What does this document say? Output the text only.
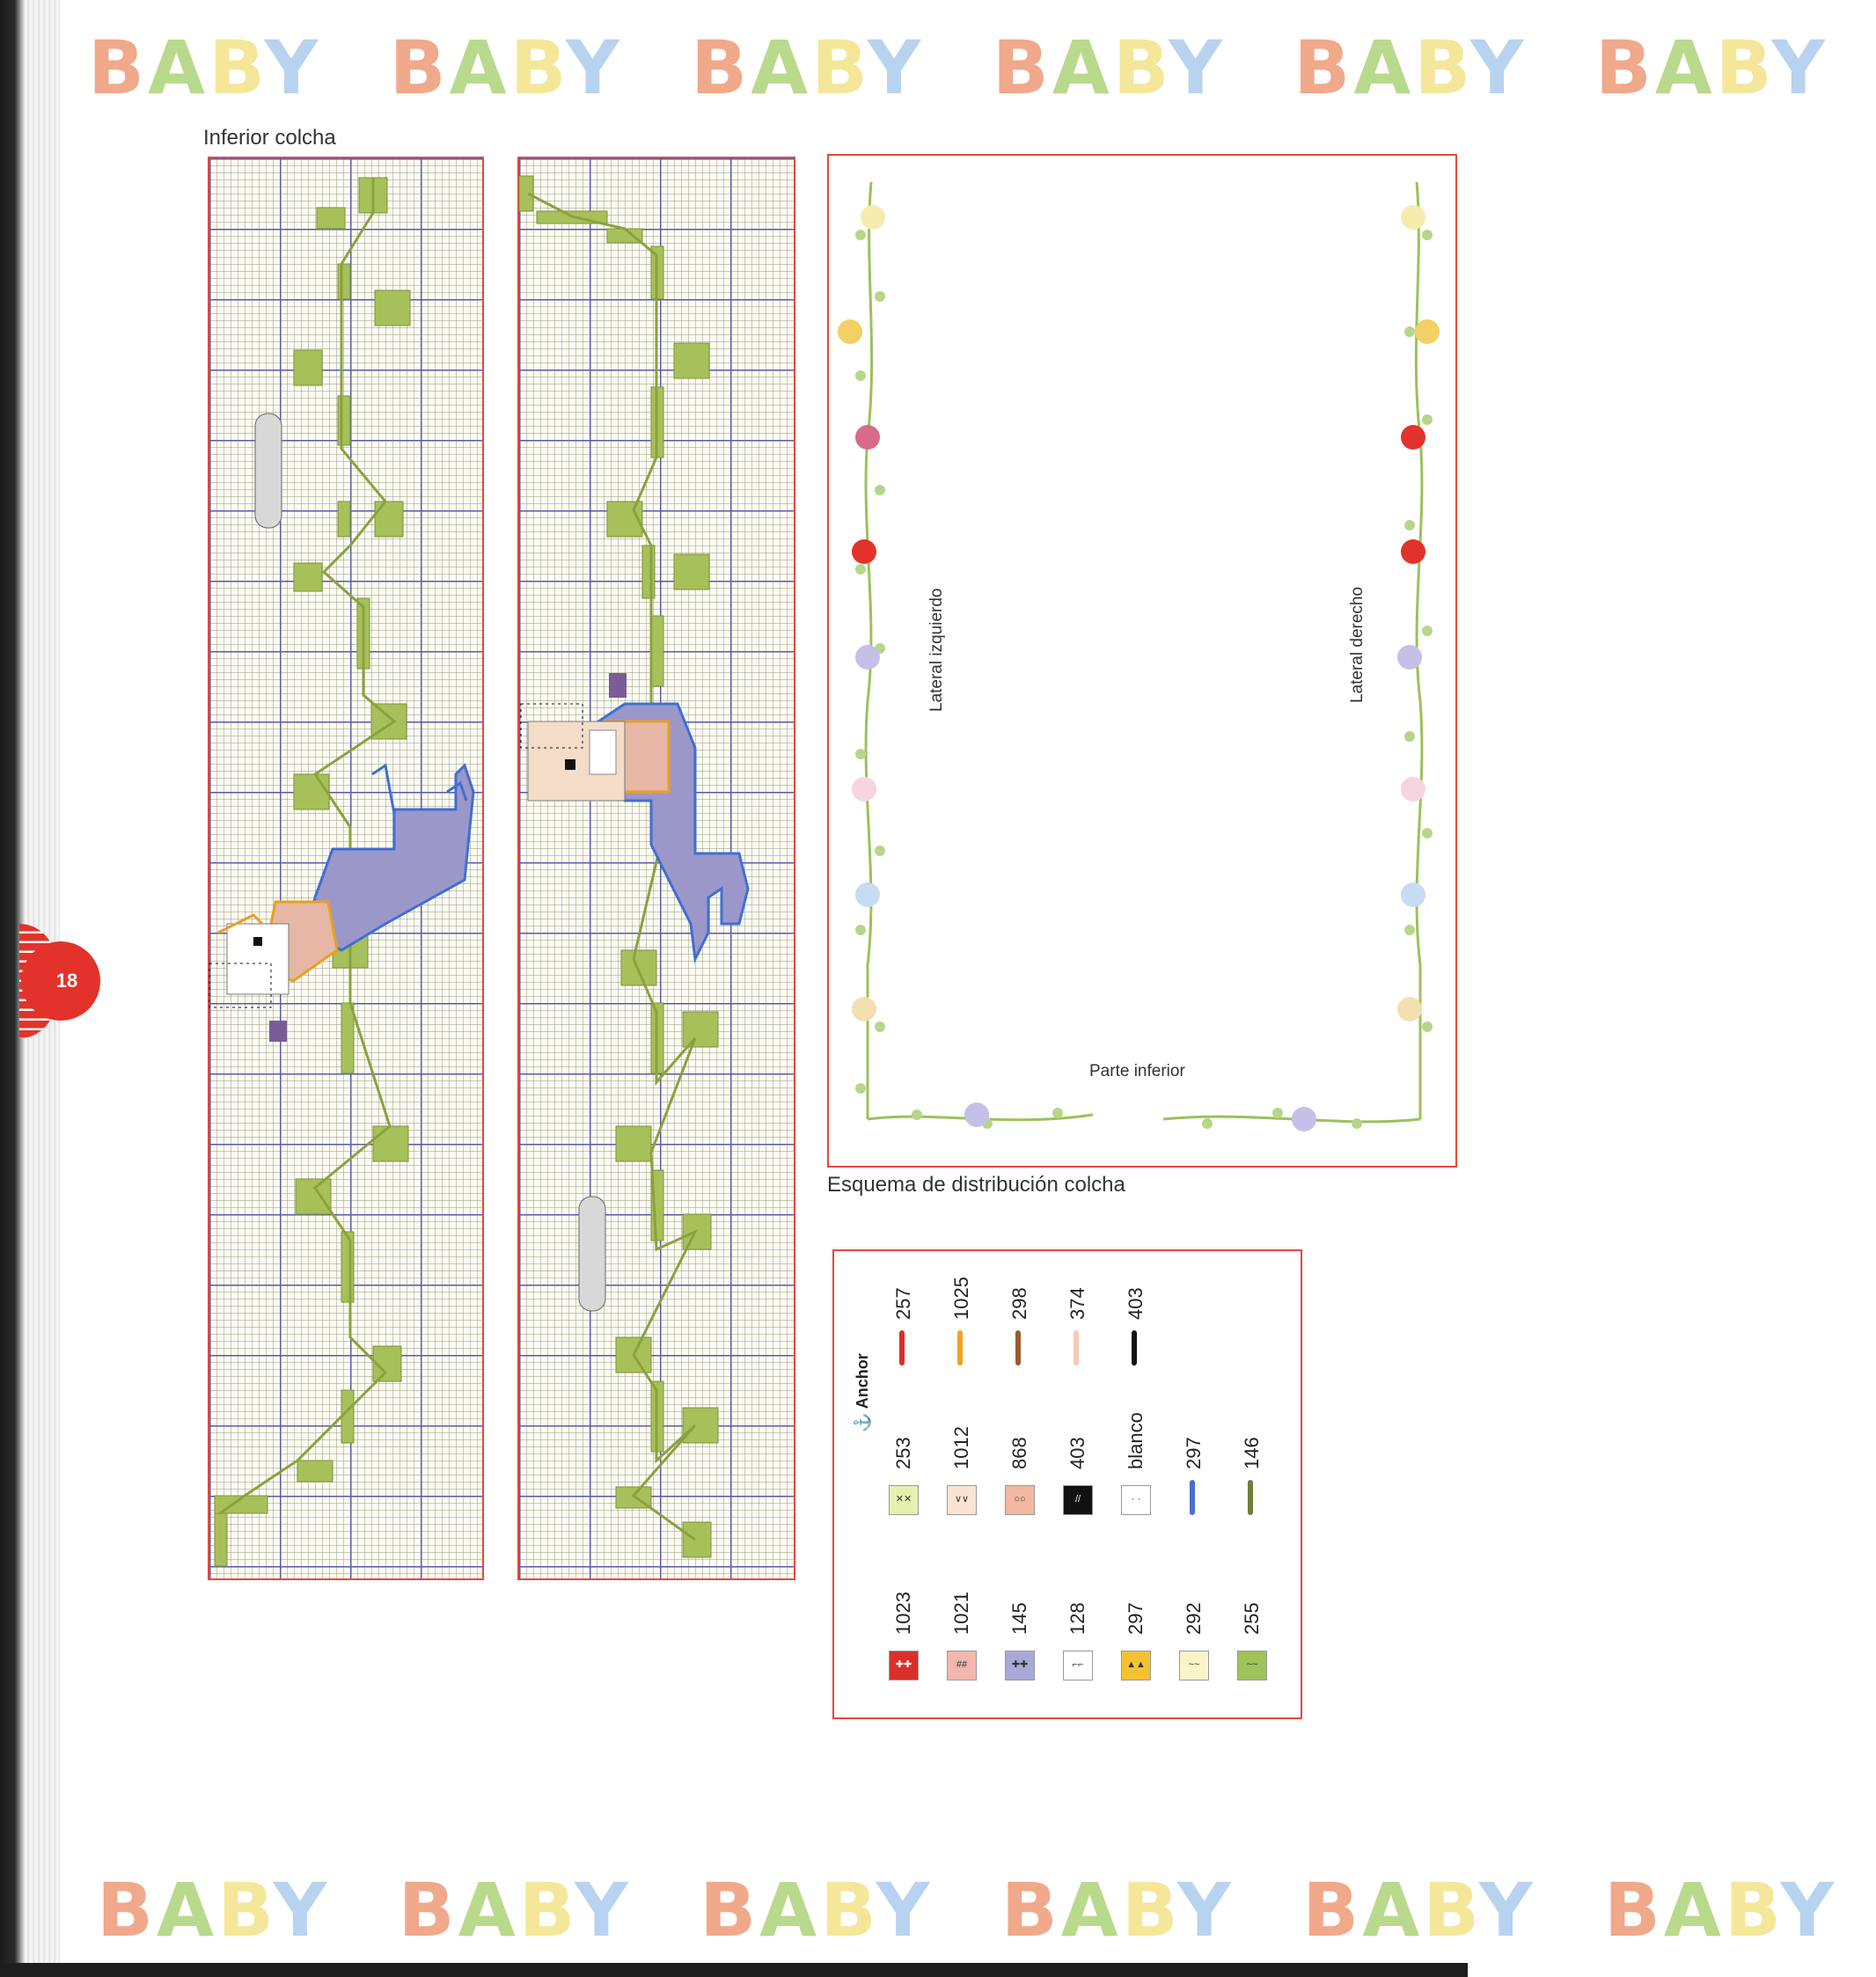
BABY BABY BABY BABY BABY BABY
BABY BABY BABY BABY BABY BABY
18
Inferior colcha
Lateral izquierdo	Lateral derecho
Parte inferior
Esquema de distribución colcha
⚓ Anchor
✚✚
1023
##
1021
✚✚
145
⌐⌐
128
▲▲
297
~~
292
~~
255
✕✕
253
∨∨
1012
○○
868
//
403
· ·
blanco 297 146
257 1025 298 374 403
